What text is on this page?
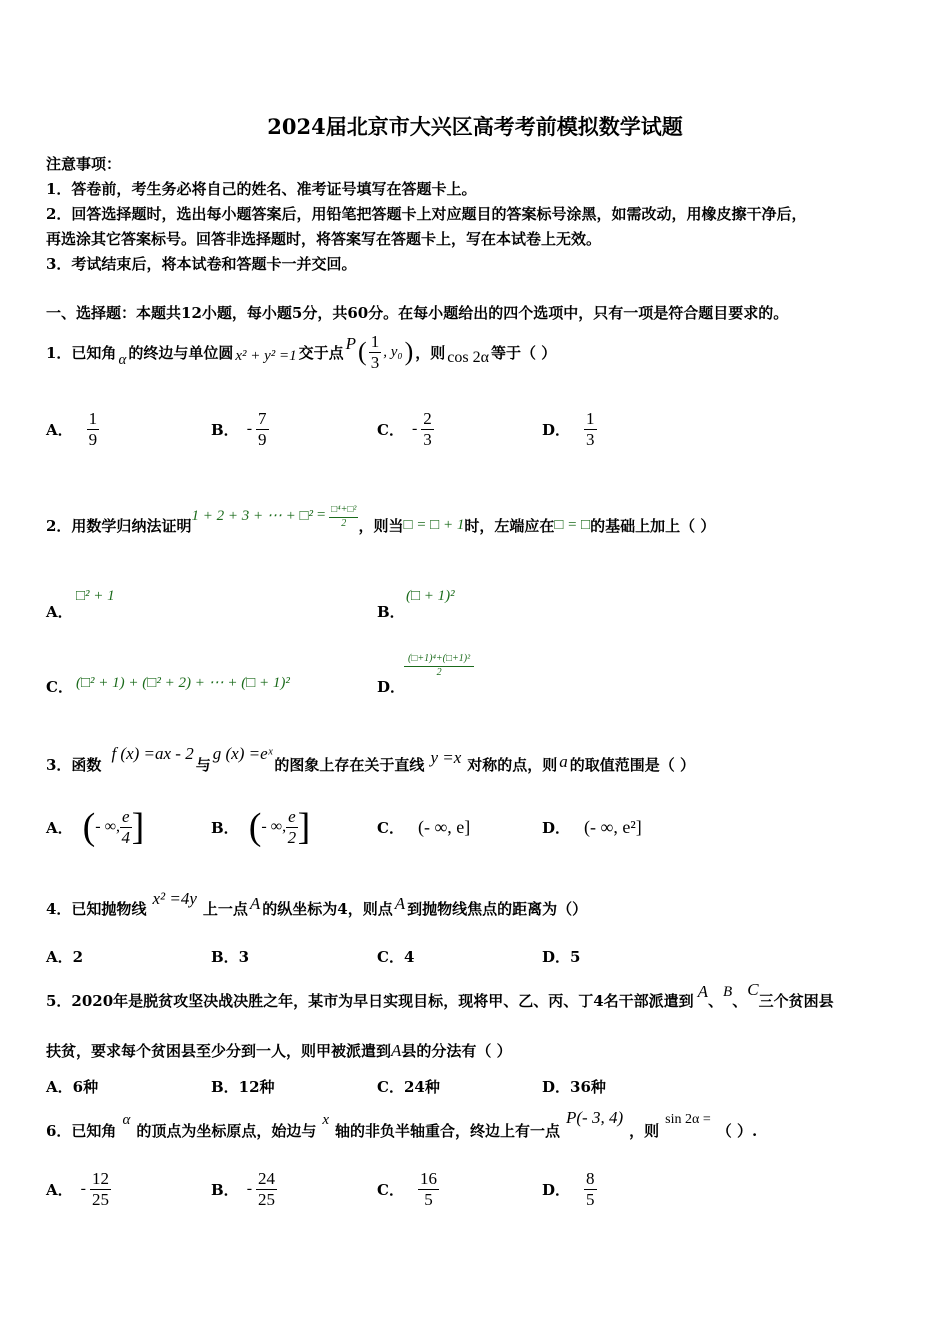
2024届北京市大兴区高考考前模拟数学试题
注意事项：
1．答卷前，考生务必将自己的姓名、准考证号填写在答题卡上。
2．回答选择题时，选出每小题答案后，用铅笔把答题卡上对应题目的答案标号涂黑，如需改动，用橡皮擦干净后，
再选涂其它答案标号。回答非选择题时，将答案写在答题卡上，写在本试卷上无效。
3．考试结束后，将本试卷和答题卡一并交回。
一、选择题：本题共12小题，每小题5分，共60分。在每小题给出的四个选项中，只有一项是符合题目要求的。
1．已知角 α 的终边与单位圆 x² + y² =1 交于点 P ( $\frac{1}{3}$ , y₀ ) ，则 cos 2α 等于（ ）
A． $\frac{1}{9}$	B． - $\frac{7}{9}$	C． - $\frac{2}{3}$	D． $\frac{1}{3}$
2．用数学归纳法证明
1 + 2 + 3 + ⋯ + □² = $\frac{\text{□⁴+□²}}{2}$ ，则当 □ = □ + 1 时，左端应在 □ = □ 的基础上加上（ ）
A．
□² + 1
B．
(□ + 1)²
C． (□² + 1) + (□² + 2) + ⋯ + (□ + 1)²	D．
$\frac{\text{(□+1)⁴+(□+1)²}}{2}$
3．函数
f (x) =ax - 2
与
g (x) =eˣ
的图象上存在关于直线 y =x 对称的点，则 a 的取值范围是（ ）
A． ( - ∞, $\frac{e}{4}$ ]	B． ( - ∞, $\frac{e}{2}$ ]	C． (- ∞, e]	D． (- ∞, e²]
4．已知抛物线
x² =4y
上一点 A 的纵坐标为4，则点 A 到抛物线焦点的距离为（）
A．2	B．3	C．4	D．5
5．2020年是脱贫攻坚决战决胜之年，某市为早日实现目标，现将甲、乙、丙、丁4名干部派遣到 A 、 B 、
C
三个贫困县
扶贫，要求每个贫困县至少分到一人，则甲被派遣到 A 县的分法有（ ）
A．6种	B．12种	C．24种	D．36种
6．已知角
α
的顶点为坐标原点，始边与
x
轴的非负半轴重合，终边上有一点
P(- 3, 4)
，则
sin 2α =
（ ）.
A． - $\frac{12}{25}$	B． - $\frac{24}{25}$	C． $\frac{16}{5}$	D． $\frac{8}{5}$
